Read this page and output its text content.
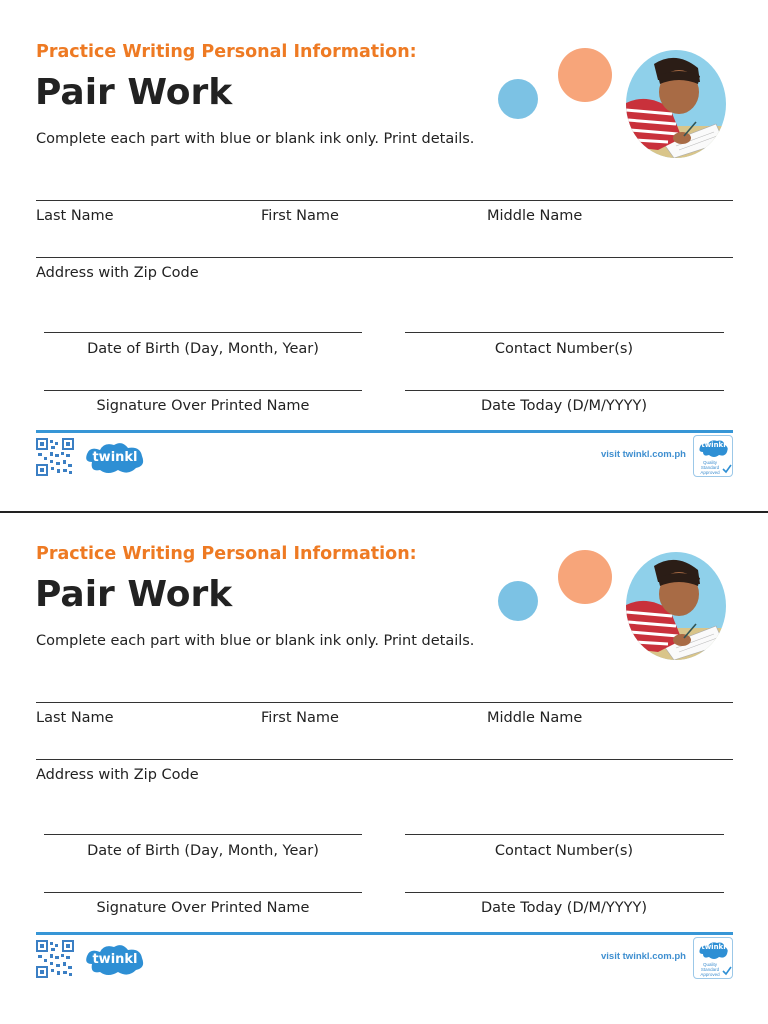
Practice Writing Personal Information:
Pair Work
Complete each part with blue or blank ink only. Print details.
Last Name	First Name	Middle Name
Address with Zip Code
Date of Birth (Day, Month, Year)	Contact Number(s)
Signature Over Printed Name	Date Today (D/M/YYYY)
twinkl	visit twinkl.com.ph
twinkl
Quality Standard Approved
Practice Writing Personal Information:
Pair Work
Complete each part with blue or blank ink only. Print details.
Last Name	First Name	Middle Name
Address with Zip Code
Date of Birth (Day, Month, Year)	Contact Number(s)
Signature Over Printed Name	Date Today (D/M/YYYY)
twinkl	visit twinkl.com.ph
twinkl
Quality Standard Approved
